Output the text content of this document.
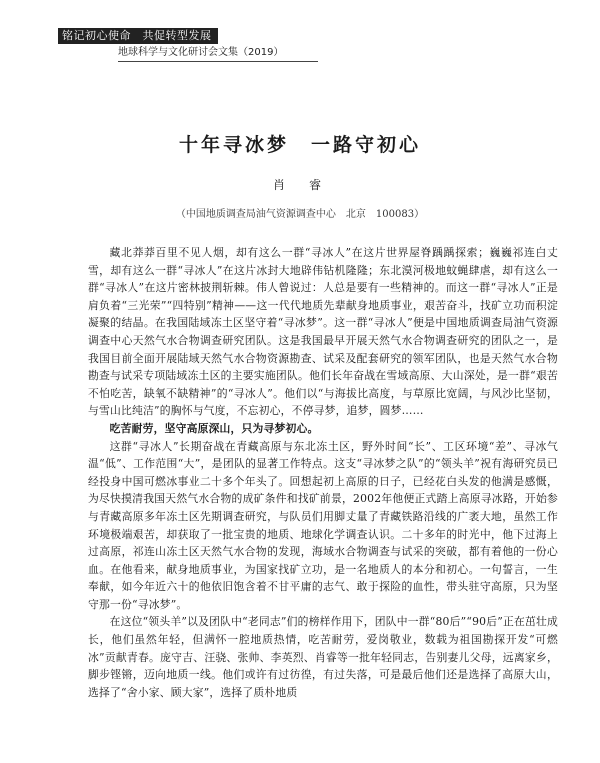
铭记初心使命　共促转型发展
地球科学与文化研讨会文集（2019）
十年寻冰梦　一路守初心
肖　睿
（中国地质调查局油气资源调查中心　北京　100083）

藏北莽莽百里不见人烟，却有这么一群“寻冰人”在这片世界屋脊踽踽探索；巍巍祁连白丈雪，却有这么一群“寻冰人”在这片冰封大地辟伟钻机隆隆；东北漠河极地蚊蝇肆虐，却有这么一群“寻冰人”在这片密林披荆斩棘。伟人曾说过：人总是要有一些精神的。而这一群“寻冰人”正是肩负着“三光荣”“四特别”精神——这一代代地质先辈献身地质事业，艰苦奋斗，找矿立功而积淀凝聚的结晶。在我国陆域冻土区坚守着“寻冰梦”。这一群“寻冰人”便是中国地质调查局油气资源调查中心天然气水合物调查研究团队。这是我国最早开展天然气水合物调查研究的团队之一，是我国目前全面开展陆域天然气水合物资源勘查、试采及配套研究的领军团队，也是天然气水合物勘查与试采专项陆域冻土区的主要实施团队。他们长年奋战在雪域高原、大山深处，是一群“艰苦不怕吃苦，缺氧不缺精神”的“寻冰人”。他们以“与海拔比高度，与草原比宽阔，与风沙比坚韧，与雪山比纯洁”的胸怀与气度，不忘初心，不停寻梦，追梦，圆梦……

吃苦耐劳，坚守高原深山，只为寻梦初心。

这群“寻冰人”长期奋战在青藏高原与东北冻土区，野外时间“长”、工区环境“差”、寻冰气温“低”、工作范围“大”，是团队的显著工作特点。这支“寻冰梦之队”的“领头羊”祝有海研究员已经投身中国可燃冰事业二十多个年头了。回想起初上高原的日子，已经花白头发的他满是感慨，为尽快摸清我国天然气水合物的成矿条件和找矿前景，2002年他便正式踏上高原寻冰路，开始参与青藏高原多年冻土区先期调查研究，与队员们用脚丈量了青藏铁路沿线的广袤大地，虽然工作环境极端艰苦，却获取了一批宝贵的地质、地球化学调查认识。二十多年的时光中，他下过海上过高原，祁连山冻土区天然气水合物的发现，海域水合物调查与试采的突破，都有着他的一份心血。在他看来，献身地质事业，为国家找矿立功，是一名地质人的本分和初心。一句誓言，一生奉献，如今年近六十的他依旧饱含着不甘平庸的志气、敢于探险的血性，带头驻守高原，只为坚守那一份“寻冰梦”。

在这位“领头羊”以及团队中“老同志”们的榜样作用下，团队中一群“80后”“90后”正在茁壮成长，他们虽然年轻，但满怀一腔地质热情，吃苦耐劳，爱岗敬业，数载为祖国勘探开发“可燃冰”贡献青春。庞守吉、汪骁、张帅、李英烈、肖睿等一批年轻同志，告别妻儿父母，远离家乡，脚步铿锵，迈向地质一线。他们或许有过彷徨，有过失落，可是最后他们还是选择了高原大山，选择了“舍小家、顾大家”，选择了质朴地质
